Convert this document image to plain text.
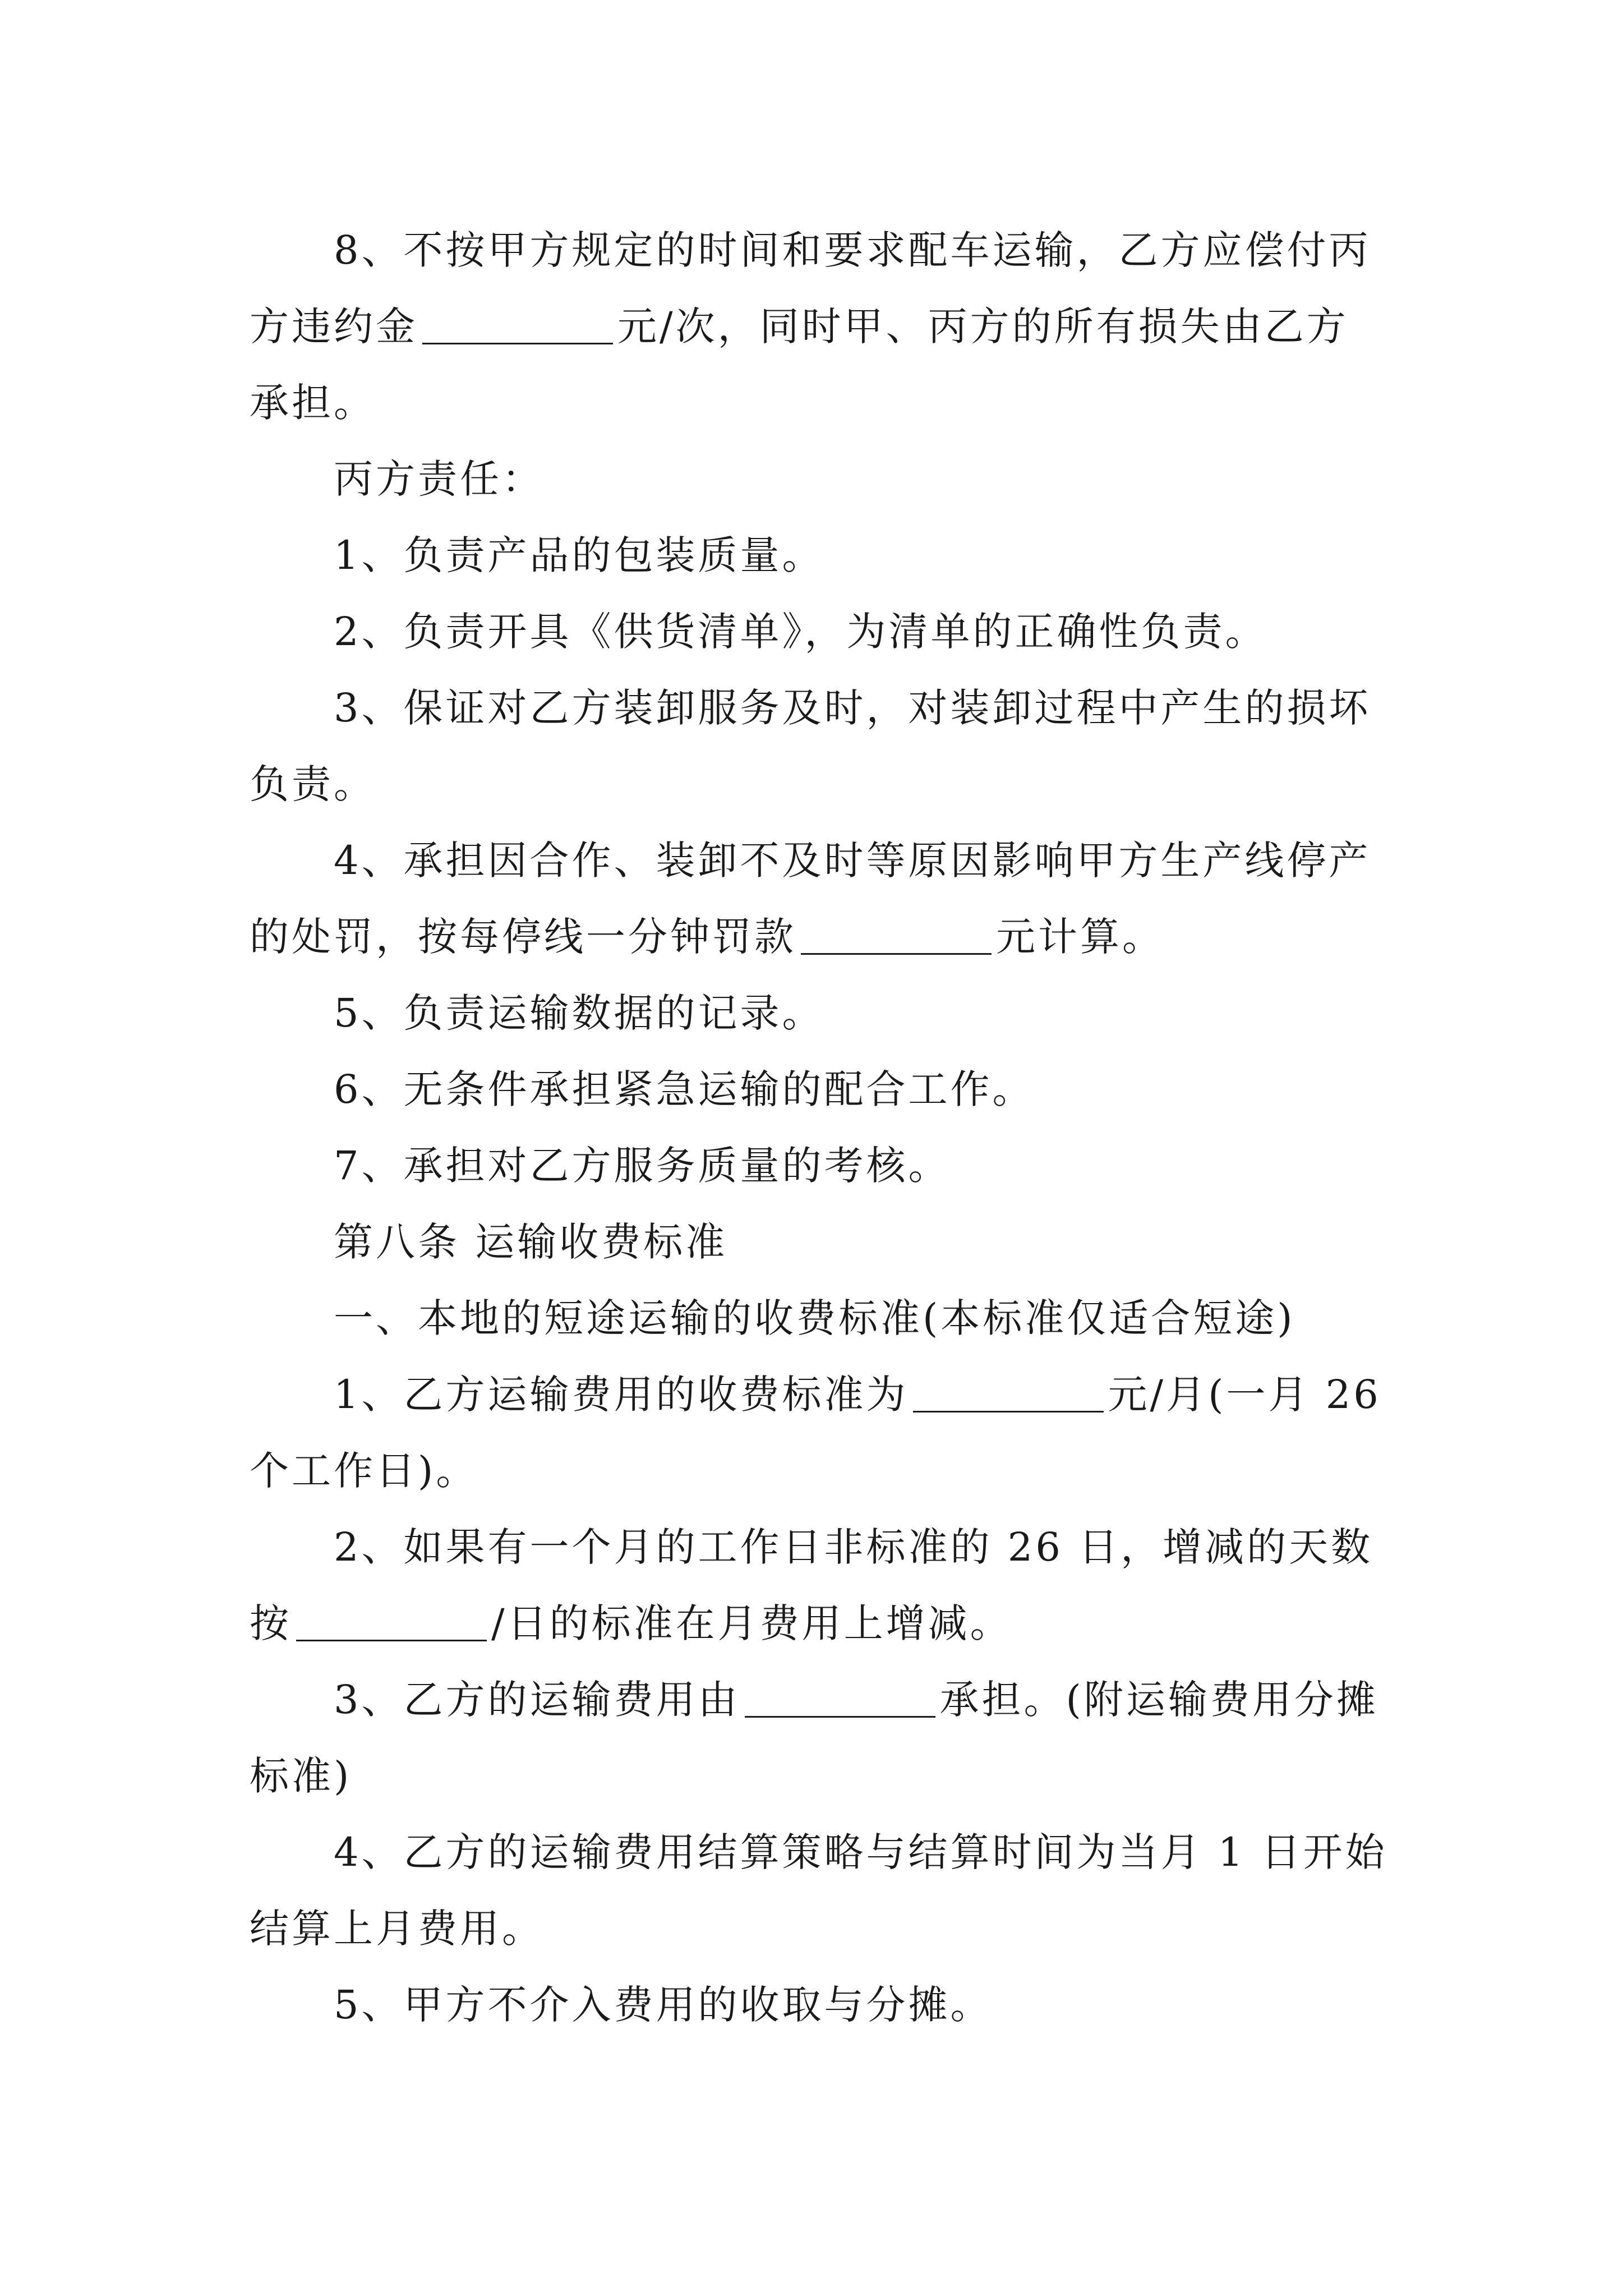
8、不按甲方规定的时间和要求配车运输，乙方应偿付丙方违约金	元/次，同时甲、丙方的所有损失由乙方承担。

丙方责任：

1、负责产品的包装质量。

2、负责开具《供货清单》，为清单的正确性负责。

3、保证对乙方装卸服务及时，对装卸过程中产生的损坏负责。

4、承担因合作、装卸不及时等原因影响甲方生产线停产的处罚，按每停线一分钟罚款	元计算。

5、负责运输数据的记录。

6、无条件承担紧急运输的配合工作。

7、承担对乙方服务质量的考核。

第八条 运输收费标准

一、本地的短途运输的收费标准(本标准仅适合短途)

1、乙方运输费用的收费标准为	元/月(一月 26 个工作日)。

2、如果有一个月的工作日非标准的 26 日，增减的天数按	/日的标准在月费用上增减。

3、乙方的运输费用由	承担。(附运输费用分摊标准)

4、乙方的运输费用结算策略与结算时间为当月 1 日开始结算上月费用。

5、甲方不介入费用的收取与分摊。
